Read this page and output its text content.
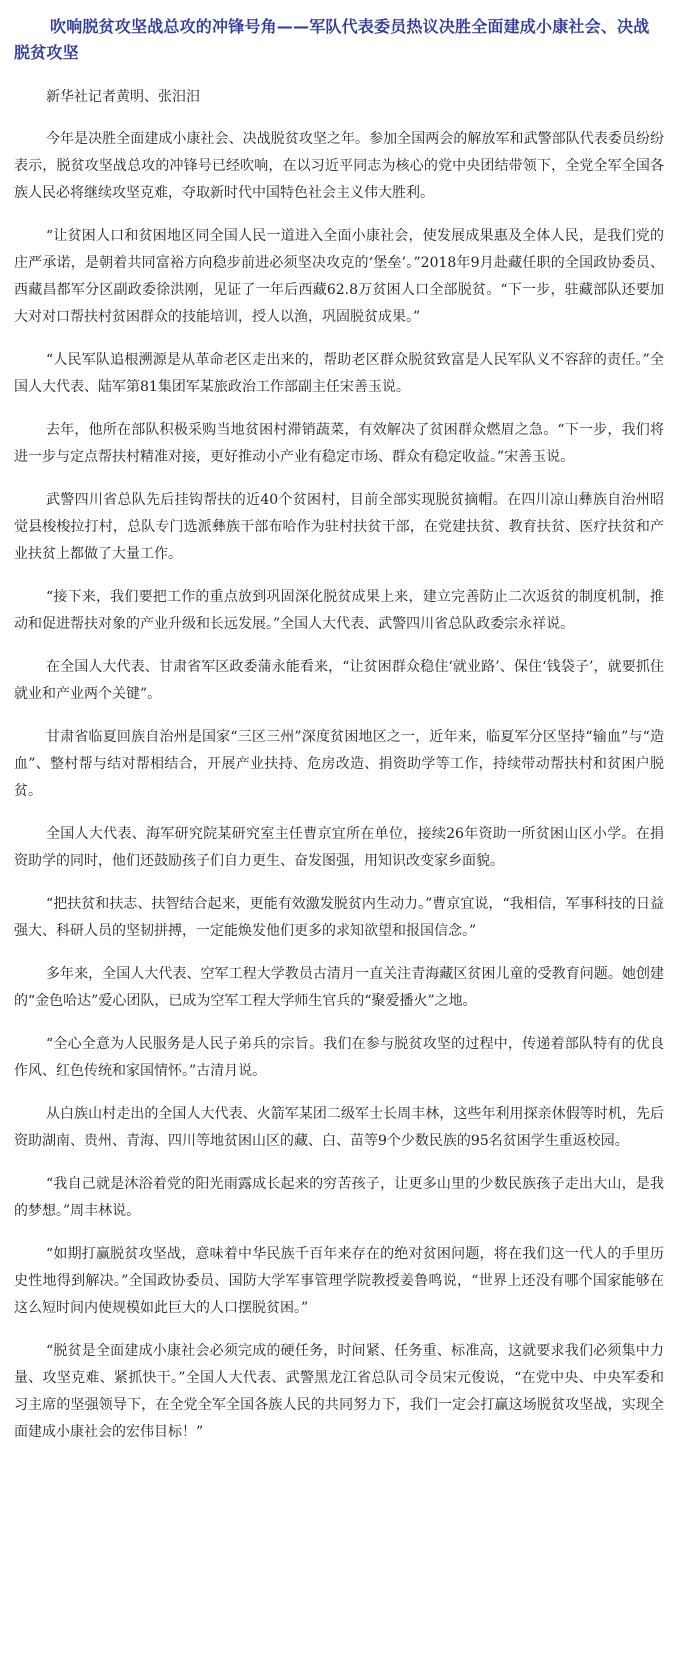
吹响脱贫攻坚战总攻的冲锋号角——军队代表委员热议决胜全面建成小康社会、决战脱贫攻坚

新华社记者黄明、张汨汨

今年是决胜全面建成小康社会、决战脱贫攻坚之年。参加全国两会的解放军和武警部队代表委员纷纷表示，脱贫攻坚战总攻的冲锋号已经吹响，在以习近平同志为核心的党中央团结带领下，全党全军全国各族人民必将继续攻坚克难，夺取新时代中国特色社会主义伟大胜利。

“让贫困人口和贫困地区同全国人民一道进入全面小康社会，使发展成果惠及全体人民，是我们党的庄严承诺，是朝着共同富裕方向稳步前进必须坚决攻克的‘堡垒’。”2018年9月赴藏任职的全国政协委员、西藏昌都军分区副政委徐洪刚，见证了一年后西藏62.8万贫困人口全部脱贫。“下一步，驻藏部队还要加大对对口帮扶村贫困群众的技能培训，授人以渔，巩固脱贫成果。”

“人民军队追根溯源是从革命老区走出来的，帮助老区群众脱贫致富是人民军队义不容辞的责任。”全国人大代表、陆军第81集团军某旅政治工作部副主任宋善玉说。

去年，他所在部队积极采购当地贫困村滞销蔬菜，有效解决了贫困群众燃眉之急。“下一步，我们将进一步与定点帮扶村精准对接，更好推动小产业有稳定市场、群众有稳定收益。”宋善玉说。

武警四川省总队先后挂钩帮扶的近40个贫困村，目前全部实现脱贫摘帽。在四川凉山彝族自治州昭觉县梭梭拉打村，总队专门选派彝族干部布哈作为驻村扶贫干部，在党建扶贫、教育扶贫、医疗扶贫和产业扶贫上都做了大量工作。

“接下来，我们要把工作的重点放到巩固深化脱贫成果上来，建立完善防止二次返贫的制度机制，推动和促进帮扶对象的产业升级和长远发展。”全国人大代表、武警四川省总队政委宗永祥说。

在全国人大代表、甘肃省军区政委蒲永能看来，“让贫困群众稳住‘就业路’、保住‘钱袋子’，就要抓住就业和产业两个关键”。

甘肃省临夏回族自治州是国家“三区三州”深度贫困地区之一，近年来，临夏军分区坚持“输血”与“造血”、整村帮与结对帮相结合，开展产业扶持、危房改造、捐资助学等工作，持续带动帮扶村和贫困户脱贫。

全国人大代表、海军研究院某研究室主任曹京宜所在单位，接续26年资助一所贫困山区小学。在捐资助学的同时，他们还鼓励孩子们自力更生、奋发图强，用知识改变家乡面貌。

“把扶贫和扶志、扶智结合起来，更能有效激发脱贫内生动力。”曹京宜说，“我相信，军事科技的日益强大、科研人员的坚韧拼搏，一定能焕发他们更多的求知欲望和报国信念。”

多年来，全国人大代表、空军工程大学教员古清月一直关注青海藏区贫困儿童的受教育问题。她创建的“金色哈达”爱心团队，已成为空军工程大学师生官兵的“聚爱播火”之地。

“全心全意为人民服务是人民子弟兵的宗旨。我们在参与脱贫攻坚的过程中，传递着部队特有的优良作风、红色传统和家国情怀。”古清月说。

从白族山村走出的全国人大代表、火箭军某团二级军士长周丰林，这些年利用探亲休假等时机，先后资助湖南、贵州、青海、四川等地贫困山区的藏、白、苗等9个少数民族的95名贫困学生重返校园。

“我自己就是沐浴着党的阳光雨露成长起来的穷苦孩子，让更多山里的少数民族孩子走出大山，是我的梦想。”周丰林说。

“如期打赢脱贫攻坚战，意味着中华民族千百年来存在的绝对贫困问题，将在我们这一代人的手里历史性地得到解决。”全国政协委员、国防大学军事管理学院教授姜鲁鸣说，“世界上还没有哪个国家能够在这么短时间内使规模如此巨大的人口摆脱贫困。”

“脱贫是全面建成小康社会必须完成的硬任务，时间紧、任务重、标准高，这就要求我们必须集中力量、攻坚克难、紧抓快干。”全国人大代表、武警黑龙江省总队司令员宋元俊说，“在党中央、中央军委和习主席的坚强领导下，在全党全军全国各族人民的共同努力下，我们一定会打赢这场脱贫攻坚战，实现全面建成小康社会的宏伟目标！”
